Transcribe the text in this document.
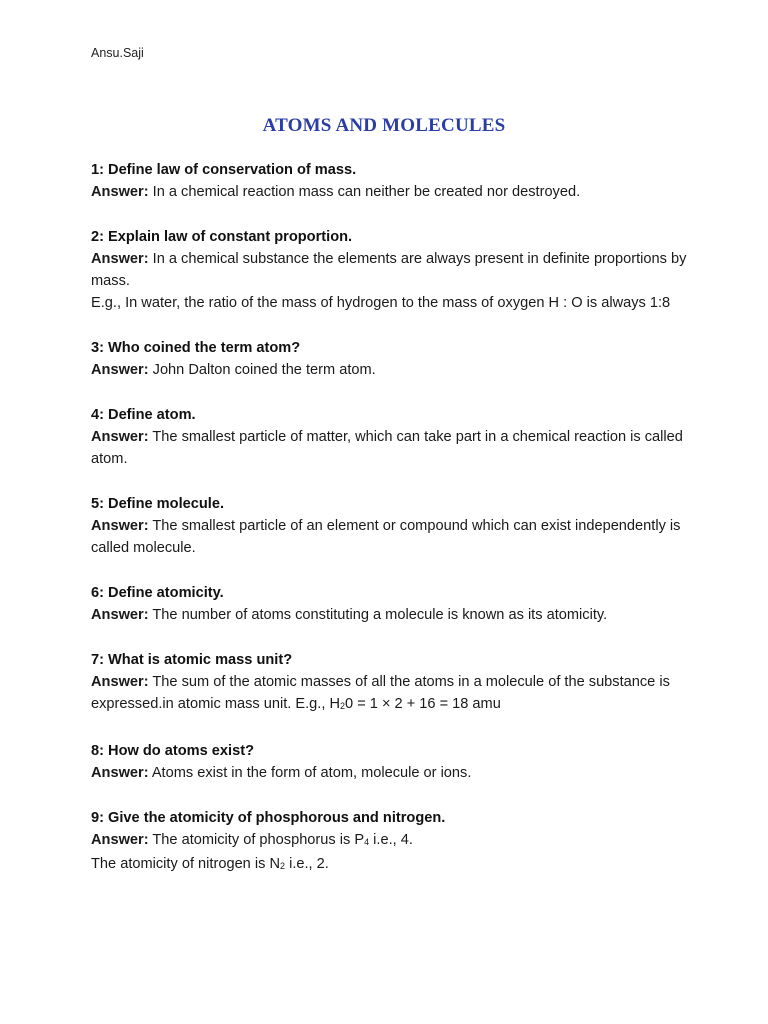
Ansu.Saji
ATOMS AND MOLECULES
1: Define law of conservation of mass.
Answer: In a chemical reaction mass can neither be created nor destroyed.
2: Explain law of constant proportion.
Answer: In a chemical substance the elements are always present in definite proportions by mass.
E.g., In water, the ratio of the mass of hydrogen to the mass of oxygen H : O is always 1:8
3: Who coined the term atom?
Answer: John Dalton coined the term atom.
4: Define atom.
Answer: The smallest particle of matter, which can take part in a chemical reaction is called atom.
5: Define molecule.
Answer: The smallest particle of an element or compound which can exist independently is called molecule.
6: Define atomicity.
Answer: The number of atoms constituting a molecule is known as its atomicity.
7: What is atomic mass unit?
Answer: The sum of the atomic masses of all the atoms in a molecule of the substance is expressed.in atomic mass unit. E.g., $H_20 = 1 \times 2 + 16 = 18$ amu
8: How do atoms exist?
Answer: Atoms exist in the form of atom, molecule or ions.
9: Give the atomicity of phosphorous and nitrogen.
Answer: The atomicity of phosphorus is $P_4$ i.e., 4.
The atomicity of nitrogen is $N_2$ i.e., 2.
